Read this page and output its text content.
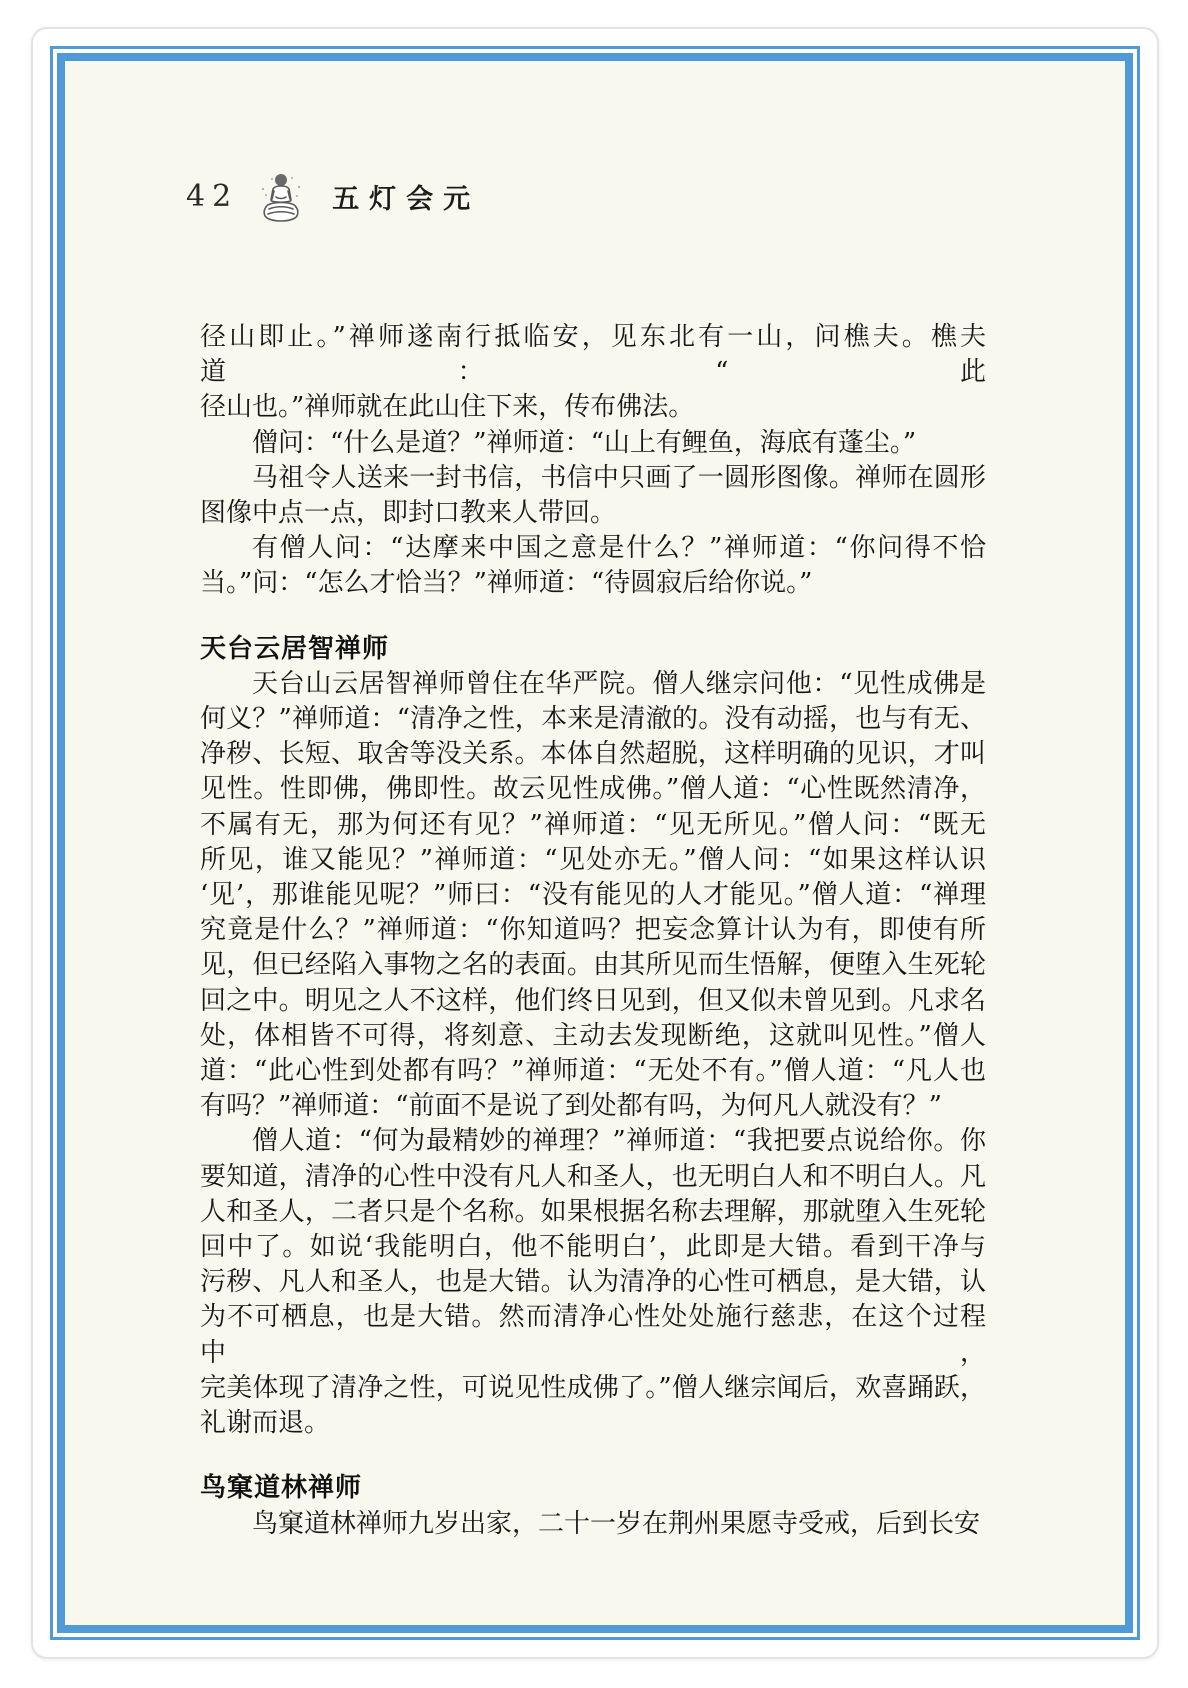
42	五灯会元
径山即止。”禅师遂南行抵临安，见东北有一山，问樵夫。樵夫道：“此
径山也。”禅师就在此山住下来，传布佛法。
僧问：“什么是道？”禅师道：“山上有鲤鱼，海底有蓬尘。”
马祖令人送来一封书信，书信中只画了一圆形图像。禅师在圆形
图像中点一点，即封口教来人带回。
有僧人问：“达摩来中国之意是什么？”禅师道：“你问得不恰
当。”问：“怎么才恰当？”禅师道：“待圆寂后给你说。”
天台云居智禅师
天台山云居智禅师曾住在华严院。僧人继宗问他：“见性成佛是
何义？”禅师道：“清净之性，本来是清澈的。没有动摇，也与有无、
净秽、长短、取舍等没关系。本体自然超脱，这样明确的见识，才叫
见性。性即佛，佛即性。故云见性成佛。”僧人道：“心性既然清净，
不属有无，那为何还有见？”禅师道：“见无所见。”僧人问：“既无
所见，谁又能见？”禅师道：“见处亦无。”僧人问：“如果这样认识
‘见’，那谁能见呢？”师曰：“没有能见的人才能见。”僧人道：“禅理
究竟是什么？”禅师道：“你知道吗？把妄念算计认为有，即使有所
见，但已经陷入事物之名的表面。由其所见而生悟解，便堕入生死轮
回之中。明见之人不这样，他们终日见到，但又似未曾见到。凡求名
处，体相皆不可得，将刻意、主动去发现断绝，这就叫见性。”僧人
道：“此心性到处都有吗？”禅师道：“无处不有。”僧人道：“凡人也
有吗？”禅师道：“前面不是说了到处都有吗，为何凡人就没有？”
僧人道：“何为最精妙的禅理？”禅师道：“我把要点说给你。你
要知道，清净的心性中没有凡人和圣人，也无明白人和不明白人。凡
人和圣人，二者只是个名称。如果根据名称去理解，那就堕入生死轮
回中了。如说‘我能明白，他不能明白’，此即是大错。看到干净与
污秽、凡人和圣人，也是大错。认为清净的心性可栖息，是大错，认
为不可栖息，也是大错。然而清净心性处处施行慈悲，在这个过程中，
完美体现了清净之性，可说见性成佛了。”僧人继宗闻后，欢喜踊跃，
礼谢而退。
鸟窠道林禅师
鸟窠道林禅师九岁出家，二十一岁在荆州果愿寺受戒，后到长安
